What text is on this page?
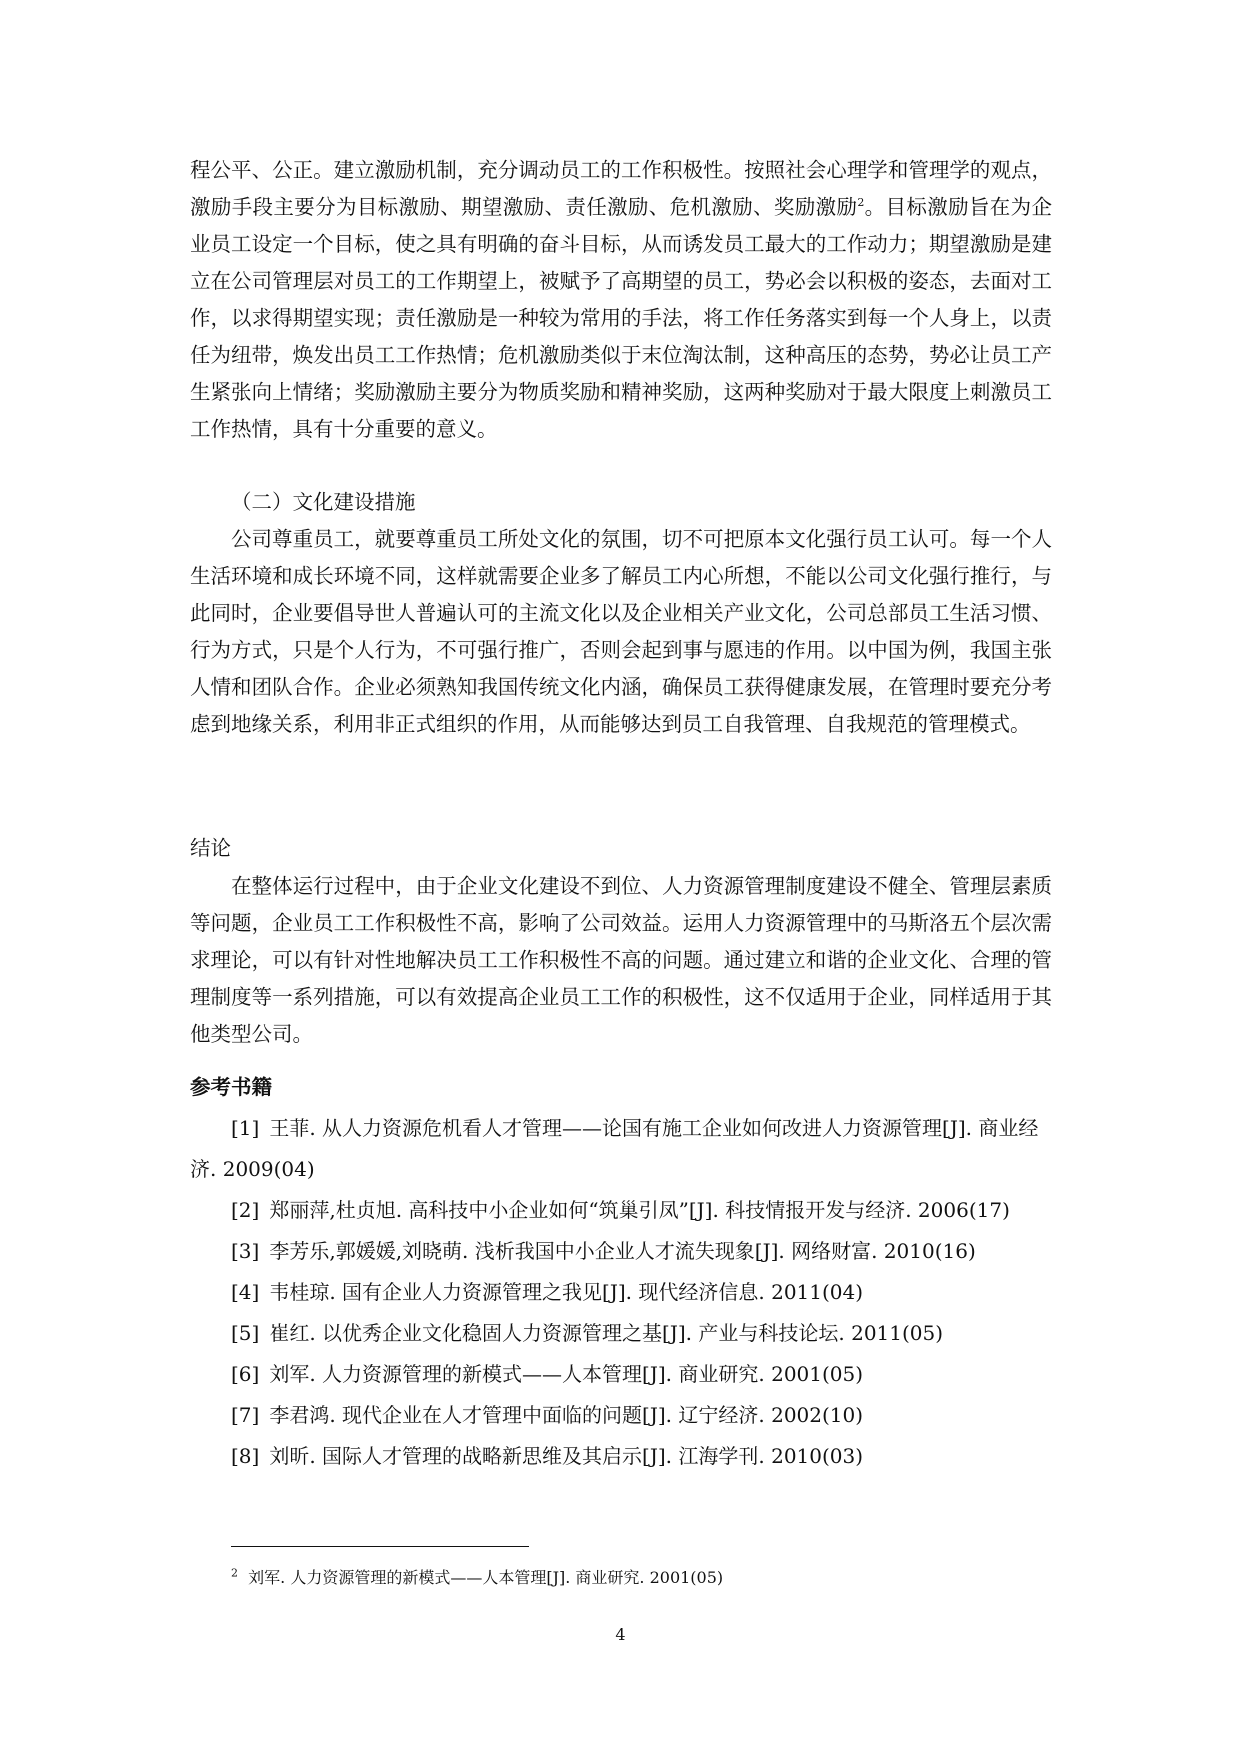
程公平、公正。建立激励机制，充分调动员工的工作积极性。按照社会心理学和管理学的观点，激励手段主要分为目标激励、期望激励、责任激励、危机激励、奖励激励$^2$。目标激励旨在为企业员工设定一个目标，使之具有明确的奋斗目标，从而诱发员工最大的工作动力；期望激励是建立在公司管理层对员工的工作期望上，被赋予了高期望的员工，势必会以积极的姿态，去面对工作，以求得期望实现；责任激励是一种较为常用的手法，将工作任务落实到每一个人身上，以责任为纽带，焕发出员工工作热情；危机激励类似于末位淘汰制，这种高压的态势，势必让员工产生紧张向上情绪；奖励激励主要分为物质奖励和精神奖励，这两种奖励对于最大限度上刺激员工工作热情，具有十分重要的意义。

（二）文化建设措施

公司尊重员工，就要尊重员工所处文化的氛围，切不可把原本文化强行员工认可。每一个人生活环境和成长环境不同，这样就需要企业多了解员工内心所想，不能以公司文化强行推行，与此同时，企业要倡导世人普遍认可的主流文化以及企业相关产业文化，公司总部员工生活习惯、行为方式，只是个人行为，不可强行推广，否则会起到事与愿违的作用。以中国为例，我国主张人情和团队合作。企业必须熟知我国传统文化内涵，确保员工获得健康发展，在管理时要充分考虑到地缘关系，利用非正式组织的作用，从而能够达到员工自我管理、自我规范的管理模式。

结论

在整体运行过程中，由于企业文化建设不到位、人力资源管理制度建设不健全、管理层素质等问题，企业员工工作积极性不高，影响了公司效益。运用人力资源管理中的马斯洛五个层次需求理论，可以有针对性地解决员工工作积极性不高的问题。通过建立和谐的企业文化、合理的管理制度等一系列措施，可以有效提高企业员工工作的积极性，这不仅适用于企业，同样适用于其他类型公司。

参考书籍

[1] 王菲. 从人力资源危机看人才管理——论国有施工企业如何改进人力资源管理[J]. 商业经济. 2009(04)

[2] 郑丽萍,杜贞旭. 高科技中小企业如何“筑巢引凤”[J]. 科技情报开发与经济. 2006(17)

[3] 李芳乐,郭媛媛,刘晓萌. 浅析我国中小企业人才流失现象[J]. 网络财富. 2010(16)

[4] 韦桂琼. 国有企业人力资源管理之我见[J]. 现代经济信息. 2011(04)

[5] 崔红. 以优秀企业文化稳固人力资源管理之基[J]. 产业与科技论坛. 2011(05)

[6] 刘军. 人力资源管理的新模式——人本管理[J]. 商业研究. 2001(05)

[7] 李君鸿. 现代企业在人才管理中面临的问题[J]. 辽宁经济. 2002(10)

[8] 刘昕. 国际人才管理的战略新思维及其启示[J]. 江海学刊. 2010(03)

$^2$ 刘军. 人力资源管理的新模式——人本管理[J]. 商业研究. 2001(05)

4
